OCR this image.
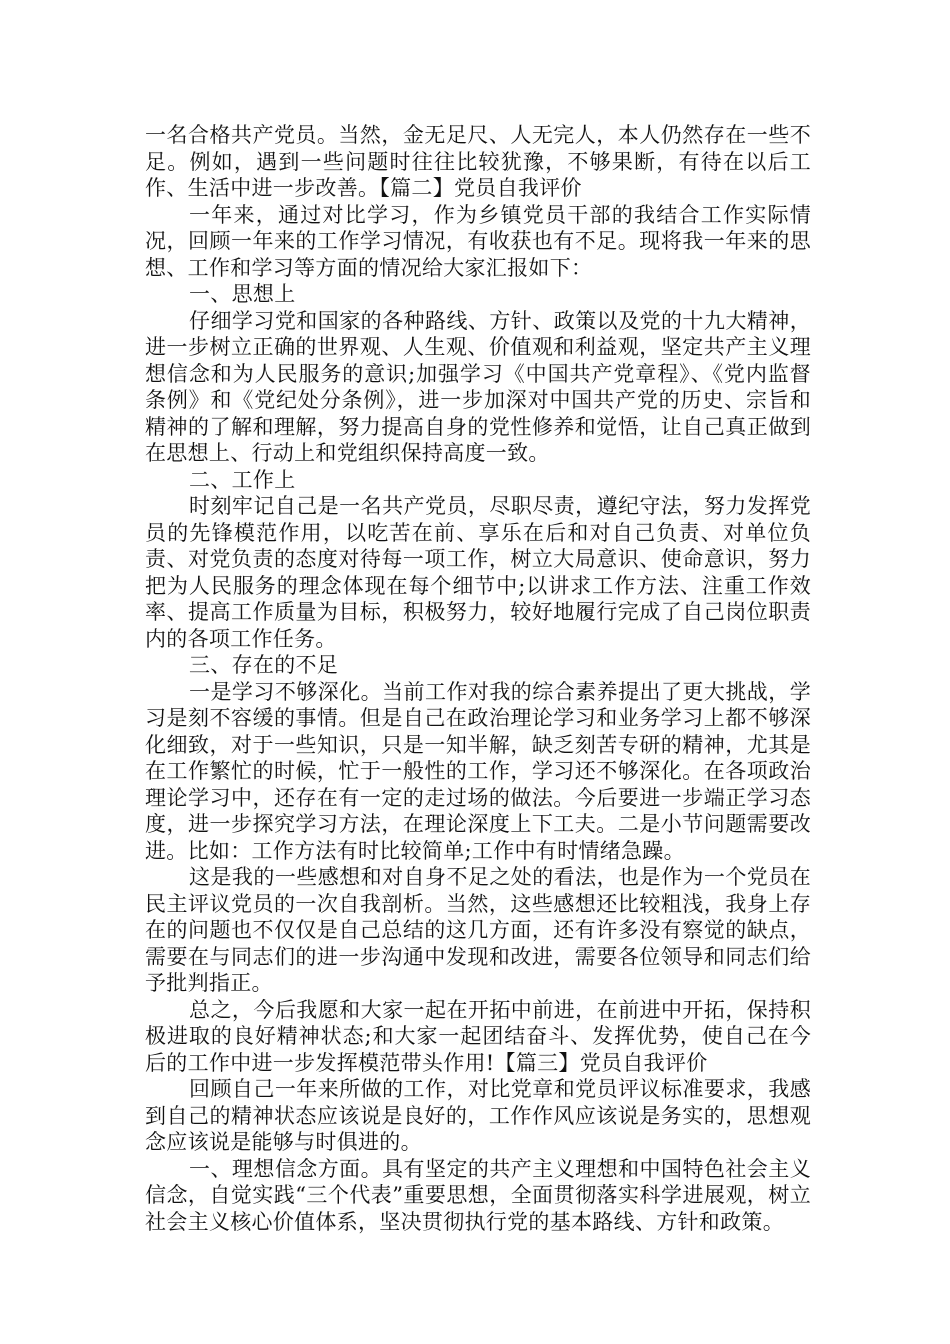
一名合格共产党员。当然，金无足尺、人无完人，本人仍然存在一些不足。例如，遇到一些问题时往往比较犹豫，不够果断，有待在以后工作、生活中进一步改善。【篇二】党员自我评价

一年来，通过对比学习，作为乡镇党员干部的我结合工作实际情况，回顾一年来的工作学习情况，有收获也有不足。现将我一年来的思想、工作和学习等方面的情况给大家汇报如下：

一、思想上

仔细学习党和国家的各种路线、方针、政策以及党的十九大精神，进一步树立正确的世界观、人生观、价值观和利益观，坚定共产主义理想信念和为人民服务的意识;加强学习《中国共产党章程》、《党内监督条例》和《党纪处分条例》，进一步加深对中国共产党的历史、宗旨和精神的了解和理解，努力提高自身的党性修养和觉悟，让自己真正做到在思想上、行动上和党组织保持高度一致。

二、工作上

时刻牢记自己是一名共产党员，尽职尽责，遵纪守法，努力发挥党员的先锋模范作用，以吃苦在前、享乐在后和对自己负责、对单位负责、对党负责的态度对待每一项工作，树立大局意识、使命意识，努力把为人民服务的理念体现在每个细节中;以讲求工作方法、注重工作效率、提高工作质量为目标，积极努力，较好地履行完成了自己岗位职责内的各项工作任务。

三、存在的不足

一是学习不够深化。当前工作对我的综合素养提出了更大挑战，学习是刻不容缓的事情。但是自己在政治理论学习和业务学习上都不够深化细致，对于一些知识，只是一知半解，缺乏刻苦专研的精神，尤其是在工作繁忙的时候，忙于一般性的工作，学习还不够深化。在各项政治理论学习中，还存在有一定的走过场的做法。今后要进一步端正学习态度，进一步探究学习方法，在理论深度上下工夫。二是小节问题需要改进。比如：工作方法有时比较简单;工作中有时情绪急躁。

这是我的一些感想和对自身不足之处的看法，也是作为一个党员在民主评议党员的一次自我剖析。当然，这些感想还比较粗浅，我身上存在的问题也不仅仅是自己总结的这几方面，还有许多没有察觉的缺点，需要在与同志们的进一步沟通中发现和改进，需要各位领导和同志们给予批判指正。

总之，今后我愿和大家一起在开拓中前进，在前进中开拓，保持积极进取的良好精神状态;和大家一起团结奋斗、发挥优势，使自己在今后的工作中进一步发挥模范带头作用!【篇三】党员自我评价

回顾自己一年来所做的工作，对比党章和党员评议标准要求，我感到自己的精神状态应该说是良好的，工作作风应该说是务实的，思想观念应该说是能够与时俱进的。

一、理想信念方面。具有坚定的共产主义理想和中国特色社会主义信念，自觉实践“三个代表”重要思想，全面贯彻落实科学进展观，树立社会主义核心价值体系，坚决贯彻执行党的基本路线、方针和政策。
